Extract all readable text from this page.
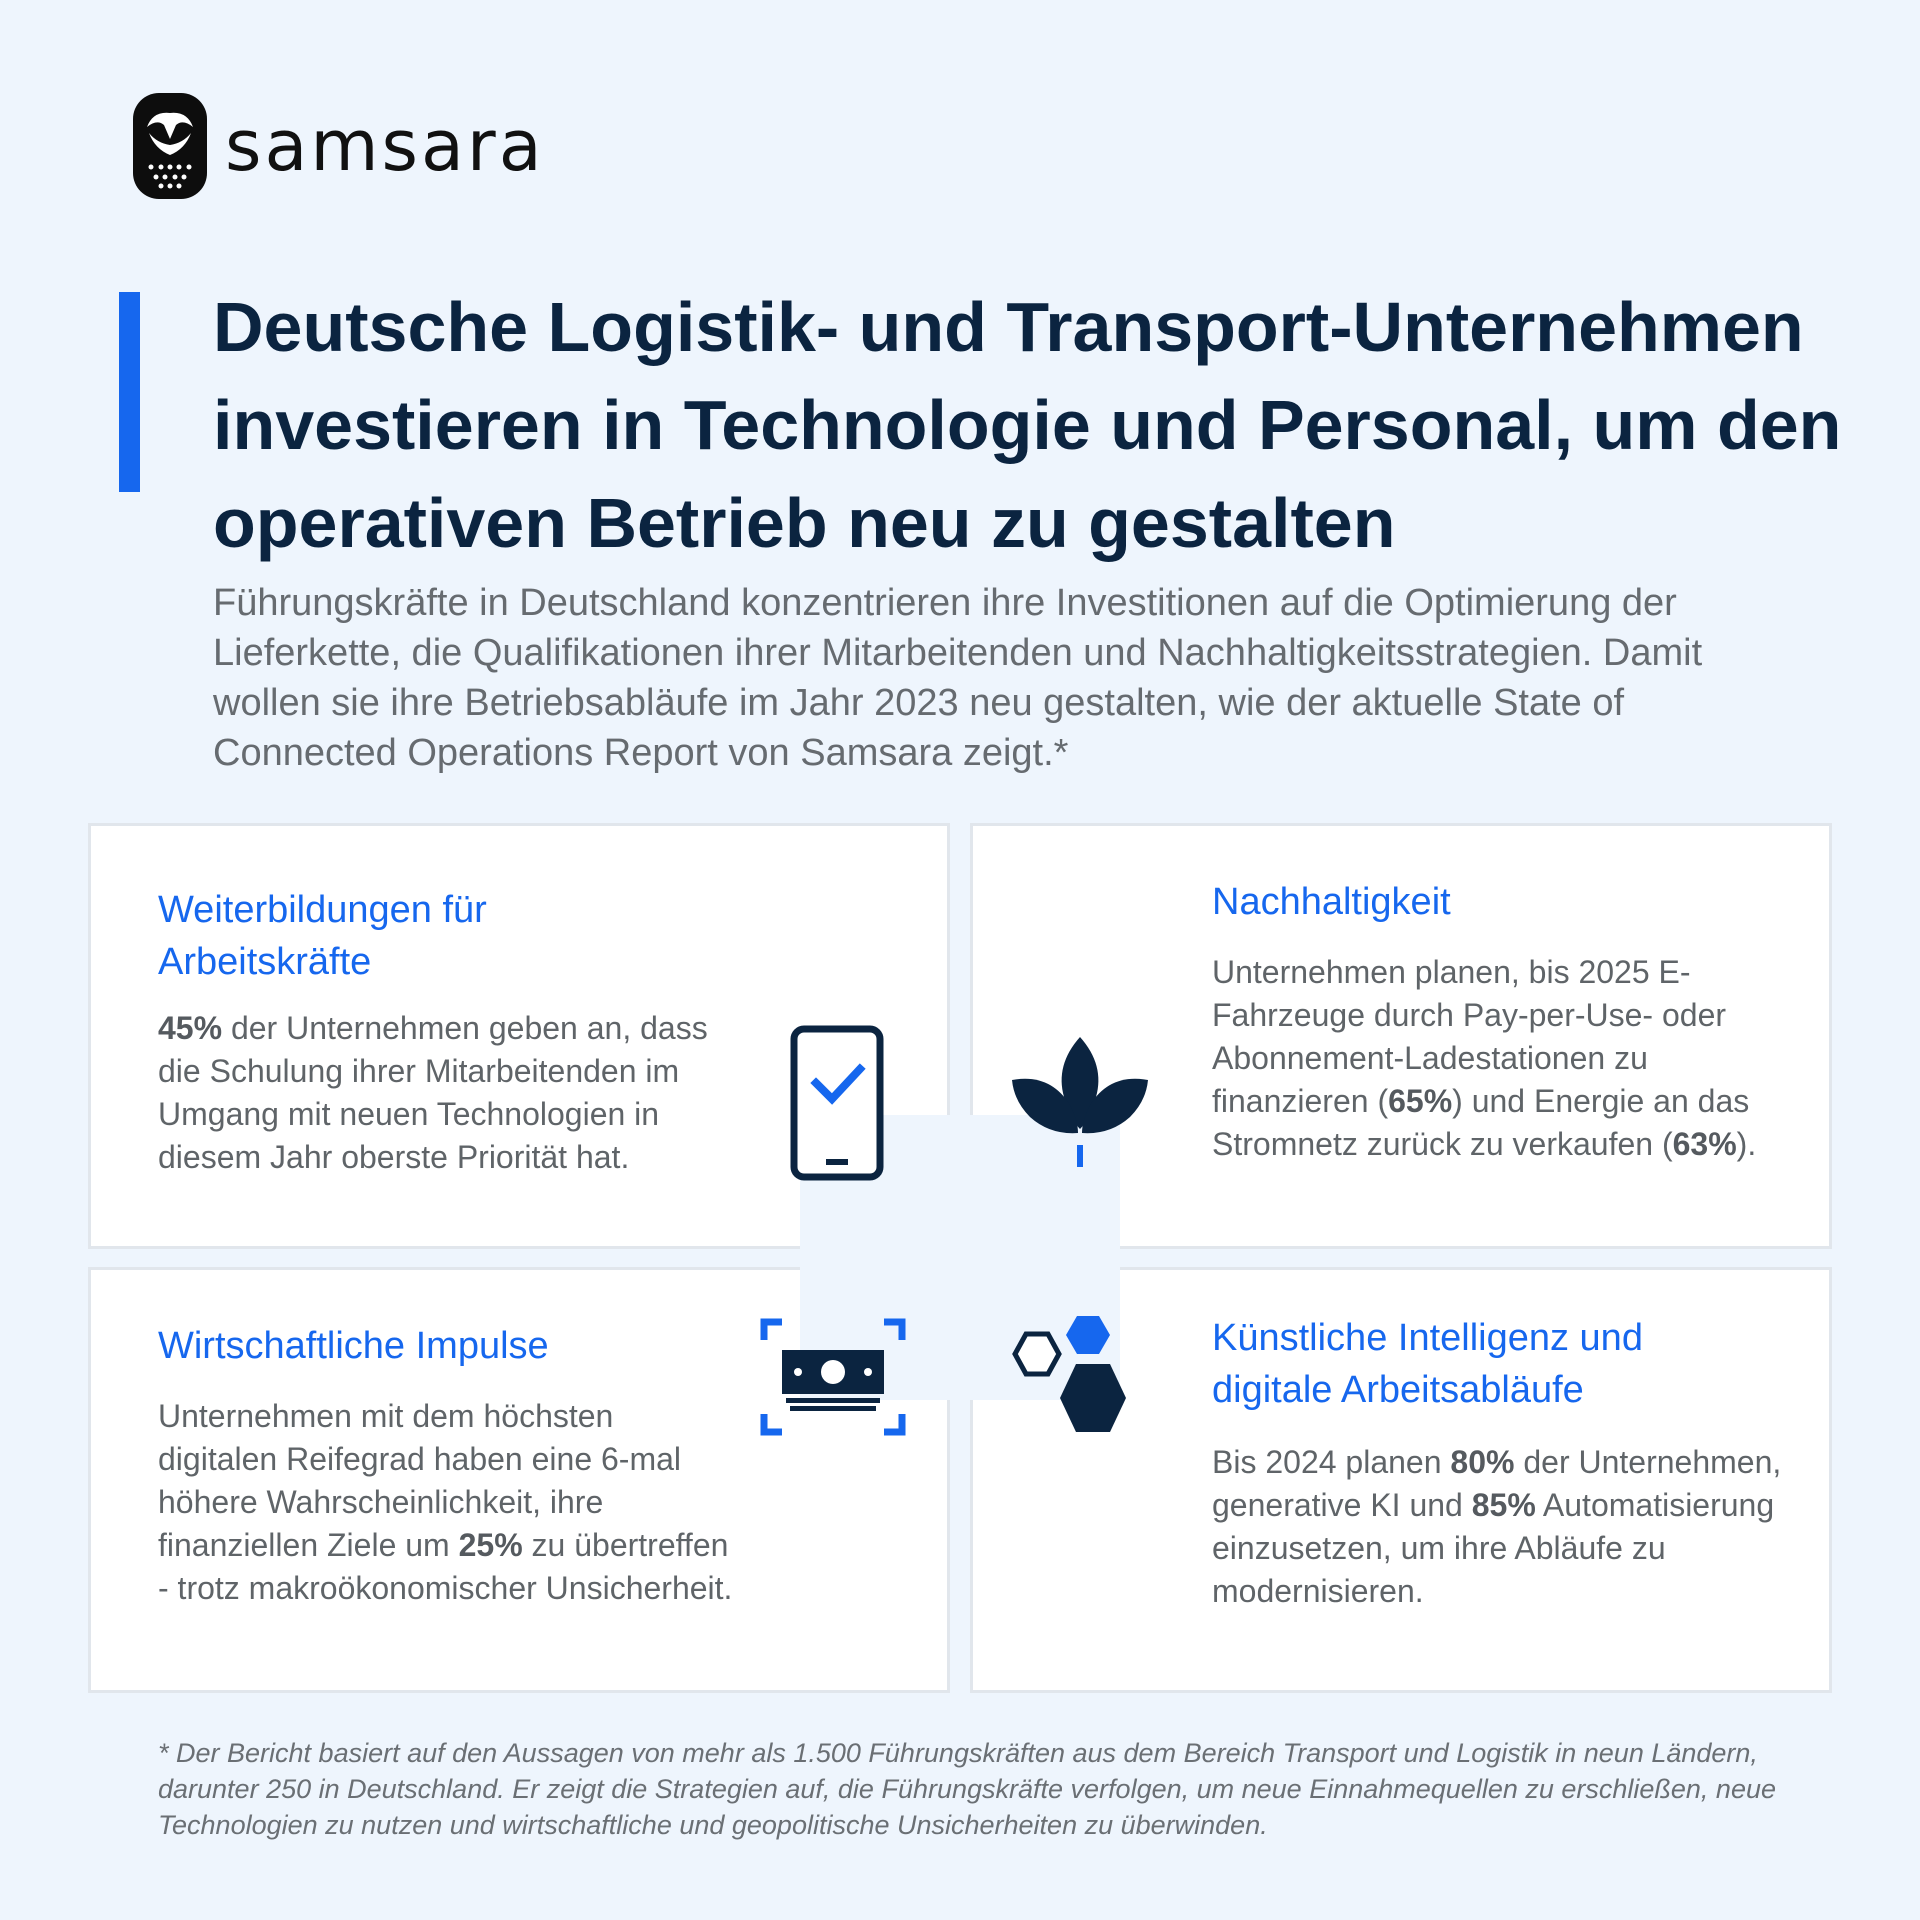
samsara
Deutsche Logistik- und Transport-Unternehmen investieren in Technologie und Personal, um den operativen Betrieb neu zu gestalten

Führungskräfte in Deutschland konzentrieren ihre Investitionen auf die Optimierung der Lieferkette, die Qualifikationen ihrer Mitarbeitenden und Nachhaltigkeitsstrategien. Damit wollen sie ihre Betriebsabläufe im Jahr 2023 neu gestalten, wie der aktuelle State of Connected Operations Report von Samsara zeigt.*

Weiterbildungen für Arbeitskräfte

45% der Unternehmen geben an, dass die Schulung ihrer Mitarbeitenden im Umgang mit neuen Technologien in diesem Jahr oberste Priorität hat.

Nachhaltigkeit

Unternehmen planen, bis 2025 E-Fahrzeuge durch Pay-per-Use- oder Abonnement-Ladestationen zu finanzieren (65%) und Energie an das Stromnetz zurück zu verkaufen (63%).

Wirtschaftliche Impulse

Unternehmen mit dem höchsten digitalen Reifegrad haben eine 6-mal höhere Wahrscheinlichkeit, ihre finanziellen Ziele um 25% zu übertreffen - trotz makroökonomischer Unsicherheit.

Künstliche Intelligenz und digitale Arbeitsabläufe

Bis 2024 planen 80% der Unternehmen, generative KI und 85% Automatisierung einzusetzen, um ihre Abläufe zu modernisieren.

* Der Bericht basiert auf den Aussagen von mehr als 1.500 Führungskräften aus dem Bereich Transport und Logistik in neun Ländern, darunter 250 in Deutschland. Er zeigt die Strategien auf, die Führungskräfte verfolgen, um neue Einnahmequellen zu erschließen, neue Technologien zu nutzen und wirtschaftliche und geopolitische Unsicherheiten zu überwinden.
